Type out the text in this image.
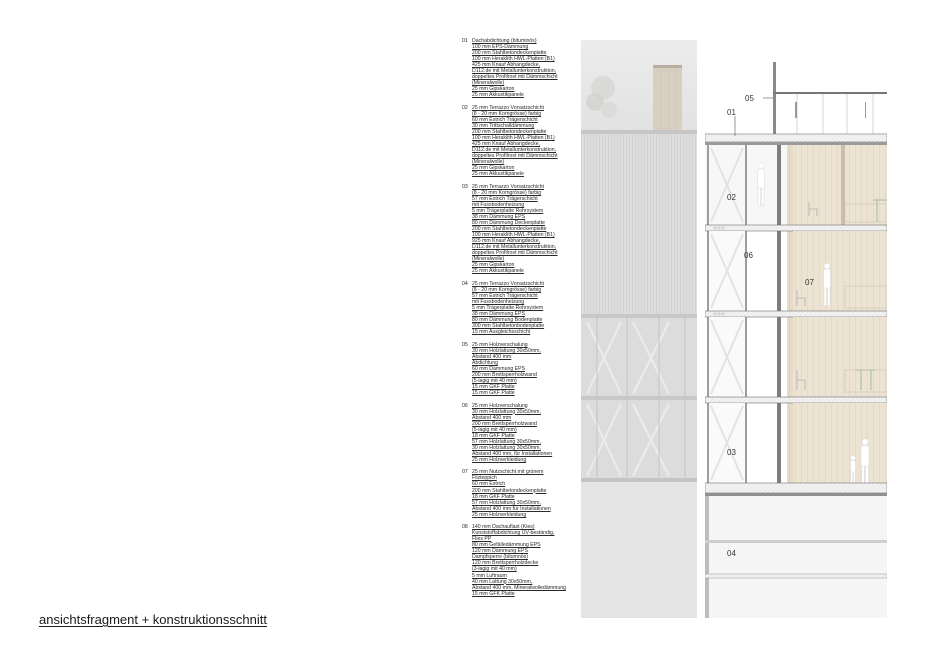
01 Dachabdichtung (bituminös)
100 mm EPS-Dämmung
200 mm Stahlbetondeckenplatte
100 mm Heraklith HWL-Platten (B1)
425 mm Knauf Abhangdecke,
D112.de mit Metallunterkonstruktion,
doppeltes Profilrost mit Dämmschicht
(Mineralwolle)
25 mm Gipskarton
25 mm Akkustikpanele
02 25 mm Terrazzo Vorsatzschicht
(8 - 20 mm Korngrösse) farbig
60 mm Estrich Trägerschicht
30 mm Trittschalldämmung
200 mm Stahlbetondeckenplatte
100 mm Heraklith HWL-Platten (B1)
425 mm Knauf Abhangdecke,
D112.de mit Metallunterkonstruktion,
doppeltes Profilrost mit Dämmschicht
(Mineralwolle)
25 mm Gipskarton
25 mm Akkustikpanele
03 25 mm Terrazzo Vorsatzschicht
(8 - 20 mm Korngrösse) farbig
57 mm Estrich Trägerschicht
mit Fussbodenheizung
5 mm Trägerplatte Rohrsystem
38 mm Dämmung EPS
80 mm Dämmung Deckenplatte
200 mm Stahlbetondeckenplatte
100 mm Heraklith HWL-Platten (B1)
925 mm Knauf Abhangdecke,
D112.de mit Metallunterkonstruktion,
doppeltes Profilrost mit Dämmschicht
(Mineralwolle)
25 mm Gipskarton
25 mm Akkustikpanele
04 25 mm Terrazzo Vorsatzschicht
(8 - 20 mm Korngrösse) farbig
57 mm Estrich Trägerschicht
mit Fussbodenheizung
5 mm Trägerplatte Rohrsystem
38 mm Dämmung EPS
80 mm Dämmung Bodenplatte
300 mm Stahlbetonbodenplatte
15 mm Ausgleichsschicht
05 25 mm Holzverschalung
30 mm Holzlattung 30x50mm,
Abstand 400 mm
Abdichtung
60 mm Dämmung EPS
200 mm Brettsperrholzwand
(5-lagig mit 40 mm)
15 mm GKF Platte
15 mm GKF Platte
06 25 mm Holzverschalung
30 mm Holzlattung 30x50mm,
Abstand 400 mm
200 mm Brettsperrholzwand
(5-lagig mit 40 mm)
18 mm GKF Platte
57 mm Holzlattung 30x50mm,
30 mm Holzlattung 30x50mm,
Abstand 400 mm, für Installationen
25 mm Holzverkleidung
07 25 mm Nutzschicht mit grünem
Filzteppich
60 mm Estrich
200 mm Stahlbetondeckenplatte
18 mm GKF Platte
57 mm Holzlattung 30x50mm,
Abstand 400 mm für Installationen
25 mm Holzverkleidung
08 140 mm Dachauflast (Kies)
Kunststoffabdichtung UV-beständig,
Flies PP
80 mm Gefälledämmung EPS
120 mm Dämmung EPS
Dampfsperre (bitumnös)
120 mm Brettsperrholzdecke
(3-lagig mit 40 mm)
5 mm Luftraum
40 mm Lattung 30x50mm,
Abstand 400 mm, Mineralwolledämmung
15 mm GFK Platte
ansichtsfragment + konstruktionsschnitt
05
01
02
06
07
03
04
